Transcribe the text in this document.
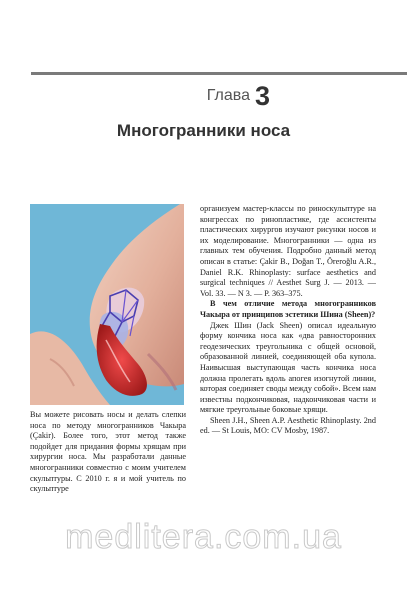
Глава 3
Многогранники носа

Вы можете рисовать носы и делать слепки носа по методу многогранников Чакыра (Çakir). Более того, этот метод также подойдет для придания формы хрящам при хирургии носа. Мы разработали данные многогранники совместно с моим учителем скульптуры. С 2010 г. я и мой учитель по скульптуре

организуем мастер-классы по риноскульптуре на конгрессах по ринопластике, где ассистенты пластических хирургов изучают рисунки носов и их моделирование. Многогранники — одна из главных тем обучения. Подробно данный метод описан в статье: Çakir B., Doğan T., Öreroğlu A.R., Daniel R.K. Rhinoplasty: surface aesthetics and surgical techniques // Aesthet Surg J. — 2013. — Vol. 33. — N 3. — P. 363–375.

В чем отличие метода многогранников Чакыра от принципов эстетики Шина (Sheen)?

Джек Шин (Jack Sheen) описал идеальную форму кончика носа как «два равносторонних геодезических треугольника с общей основой, образованной линией, соединяющей оба купола. Наивысшая выступающая часть кончика носа должна пролегать вдоль апогея изогнутой линии, которая соединяет своды между собой». Всем нам известны подкончиковая, надкончиковая части и мягкие треугольные боковые хрящи.

Sheen J.H., Sheen A.P. Aesthetic Rhinoplasty. 2nd ed. — St Louis, MO: CV Mosby, 1987.

medlitera.com.ua
